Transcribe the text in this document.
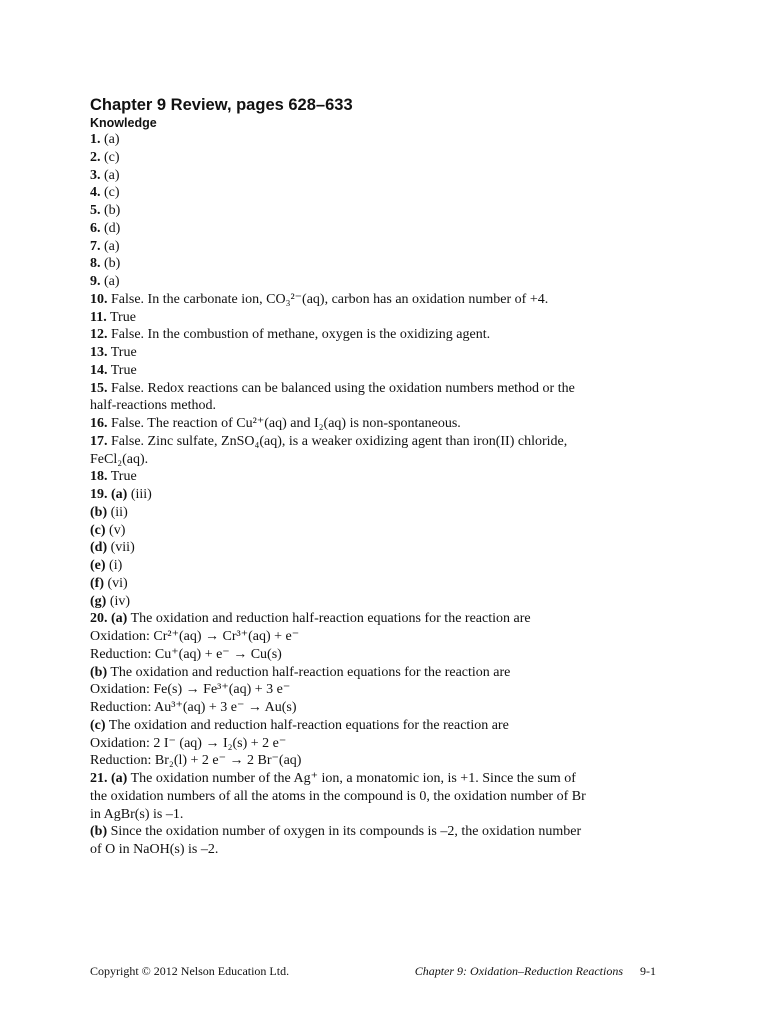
Chapter 9 Review, pages 628–633
Knowledge
1. (a)
2. (c)
3. (a)
4. (c)
5. (b)
6. (d)
7. (a)
8. (b)
9. (a)
10. False. In the carbonate ion, CO₃²⁻(aq), carbon has an oxidation number of +4.
11. True
12. False. In the combustion of methane, oxygen is the oxidizing agent.
13. True
14. True
15. False. Redox reactions can be balanced using the oxidation numbers method or the
half-reactions method.
16. False. The reaction of Cu²⁺(aq) and I₂(aq) is non-spontaneous.
17. False. Zinc sulfate, ZnSO₄(aq), is a weaker oxidizing agent than iron(II) chloride,
FeCl₂(aq).
18. True
19. (a) (iii)
(b) (ii)
(c) (v)
(d) (vii)
(e) (i)
(f) (vi)
(g) (iv)
20. (a) The oxidation and reduction half-reaction equations for the reaction are
Oxidation: Cr²⁺(aq) → Cr³⁺(aq) + e⁻
Reduction: Cu⁺(aq) + e⁻ → Cu(s)
(b) The oxidation and reduction half-reaction equations for the reaction are
Oxidation: Fe(s) → Fe³⁺(aq) + 3 e⁻
Reduction: Au³⁺(aq) + 3 e⁻ → Au(s)
(c) The oxidation and reduction half-reaction equations for the reaction are
Oxidation: 2 I⁻ (aq) → I₂(s) + 2 e⁻
Reduction: Br₂(l) + 2 e⁻ → 2 Br⁻(aq)
21. (a) The oxidation number of the Ag⁺ ion, a monatomic ion, is +1. Since the sum of
the oxidation numbers of all the atoms in the compound is 0, the oxidation number of Br
in AgBr(s) is –1.
(b) Since the oxidation number of oxygen in its compounds is –2, the oxidation number
of O in NaOH(s) is –2.
Copyright © 2012 Nelson Education Ltd.	Chapter 9: Oxidation–Reduction Reactions 9-1
